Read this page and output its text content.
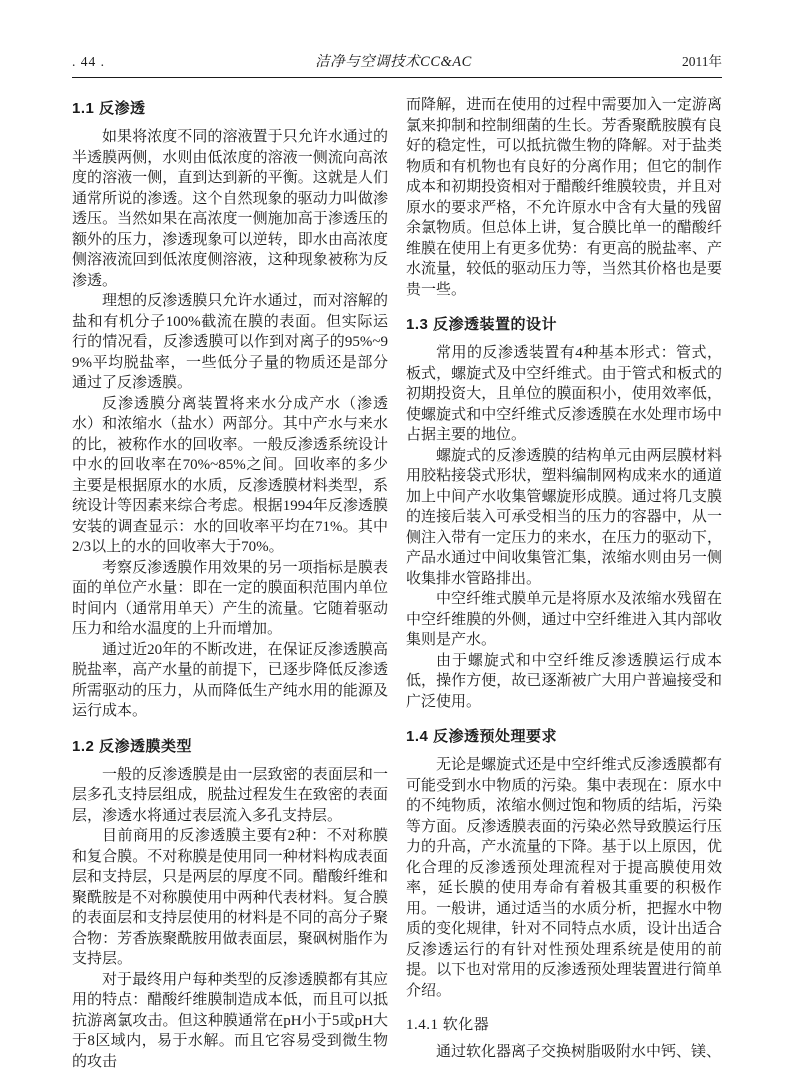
. 44 .	洁净与空调技术CC&AC	2011年
1.1 反渗透

如果将浓度不同的溶液置于只允许水通过的半透膜两侧，水则由低浓度的溶液一侧流向高浓度的溶液一侧，直到达到新的平衡。这就是人们通常所说的渗透。这个自然现象的驱动力叫做渗透压。当然如果在高浓度一侧施加高于渗透压的额外的压力，渗透现象可以逆转，即水由高浓度侧溶液流回到低浓度侧溶液，这种现象被称为反渗透。

理想的反渗透膜只允许水通过，而对溶解的盐和有机分子100%截流在膜的表面。但实际运行的情况看，反渗透膜可以作到对离子的95%~99%平均脱盐率，一些低分子量的物质还是部分通过了反渗透膜。

反渗透膜分离装置将来水分成产水（渗透水）和浓缩水（盐水）两部分。其中产水与来水的比，被称作水的回收率。一般反渗透系统设计中水的回收率在70%~85%之间。回收率的多少主要是根据原水的水质，反渗透膜材料类型，系统设计等因素来综合考虑。根据1994年反渗透膜安装的调查显示：水的回收率平均在71%。其中2/3以上的水的回收率大于70%。

考察反渗透膜作用效果的另一项指标是膜表面的单位产水量：即在一定的膜面积范围内单位时间内（通常用单天）产生的流量。它随着驱动压力和给水温度的上升而增加。

通过近20年的不断改进，在保证反渗透膜高脱盐率，高产水量的前提下，已逐步降低反渗透所需驱动的压力，从而降低生产纯水用的能源及运行成本。

1.2 反渗透膜类型

一般的反渗透膜是由一层致密的表面层和一层多孔支持层组成，脱盐过程发生在致密的表面层，渗透水将通过表层流入多孔支持层。

目前商用的反渗透膜主要有2种：不对称膜和复合膜。不对称膜是使用同一种材料构成表面层和支持层，只是两层的厚度不同。醋酸纤维和聚酰胺是不对称膜使用中两种代表材料。复合膜的表面层和支持层使用的材料是不同的高分子聚合物：芳香族聚酰胺用做表面层，聚砜树脂作为支持层。

对于最终用户每种类型的反渗透膜都有其应用的特点：醋酸纤维膜制造成本低，而且可以抵抗游离氯攻击。但这种膜通常在pH小于5或pH大于8区域内，易于水解。而且它容易受到微生物的攻击

而降解，进而在使用的过程中需要加入一定游离氯来抑制和控制细菌的生长。芳香聚酰胺膜有良好的稳定性，可以抵抗微生物的降解。对于盐类物质和有机物也有良好的分离作用；但它的制作成本和初期投资相对于醋酸纤维膜较贵，并且对原水的要求严格，不允许原水中含有大量的残留余氯物质。但总体上讲，复合膜比单一的醋酸纤维膜在使用上有更多优势：有更高的脱盐率、产水流量，较低的驱动压力等，当然其价格也是要贵一些。

1.3 反渗透装置的设计

常用的反渗透装置有4种基本形式：管式，板式，螺旋式及中空纤维式。由于管式和板式的初期投资大，且单位的膜面积小，使用效率低，使螺旋式和中空纤维式反渗透膜在水处理市场中占据主要的地位。

螺旋式的反渗透膜的结构单元由两层膜材料用胶粘接袋式形状，塑料编制网构成来水的通道加上中间产水收集管螺旋形成膜。通过将几支膜的连接后装入可承受相当的压力的容器中，从一侧注入带有一定压力的来水，在压力的驱动下，产品水通过中间收集管汇集，浓缩水则由另一侧收集排水管路排出。

中空纤维式膜单元是将原水及浓缩水残留在中空纤维膜的外侧，通过中空纤维进入其内部收集则是产水。

由于螺旋式和中空纤维反渗透膜运行成本低，操作方便，故已逐渐被广大用户普遍接受和广泛使用。

1.4 反渗透预处理要求

无论是螺旋式还是中空纤维式反渗透膜都有可能受到水中物质的污染。集中表现在：原水中的不纯物质，浓缩水侧过饱和物质的结垢，污染等方面。反渗透膜表面的污染必然导致膜运行压力的升高，产水流量的下降。基于以上原因，优化合理的反渗透预处理流程对于提高膜使用效率，延长膜的使用寿命有着极其重要的积极作用。一般讲，通过适当的水质分析，把握水中物质的变化规律，针对不同特点水质，设计出适合反渗透运行的有针对性预处理系统是使用的前提。以下也对常用的反渗透预处理装置进行简单介绍。

1.4.1 软化器

通过软化器离子交换树脂吸附水中钙、镁、
